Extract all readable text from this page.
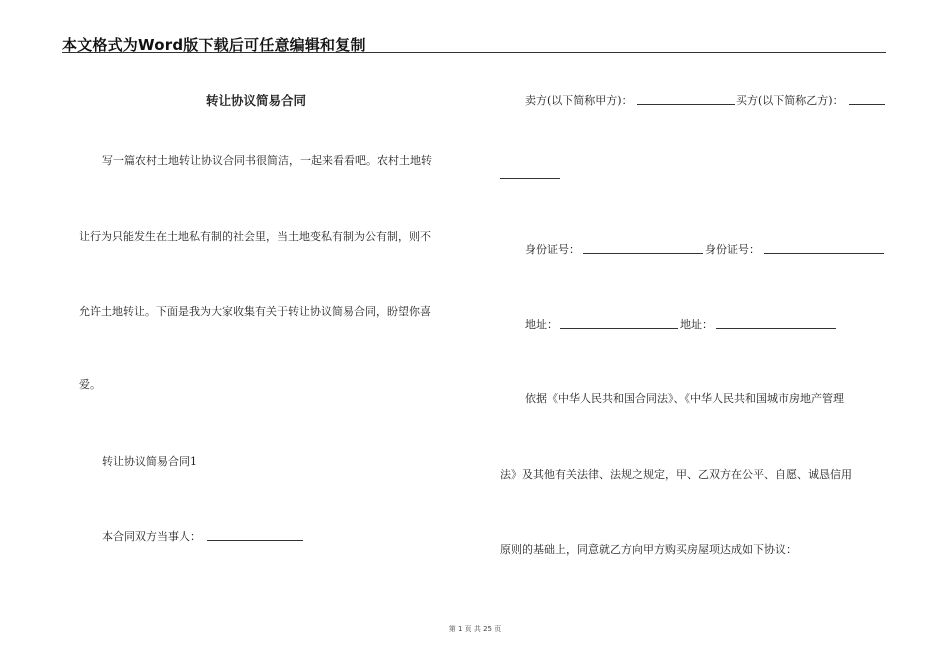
本文格式为Word版下载后可任意编辑和复制
转让协议简易合同
写一篇农村土地转让协议合同书很简洁，一起来看看吧。农村土地转
让行为只能发生在土地私有制的社会里，当土地变私有制为公有制，则不
允许土地转让。下面是我为大家收集有关于转让协议简易合同，盼望你喜
爱。
转让协议简易合同1
本合同双方当事人：
卖方(以下简称甲方)：	买方(以下简称乙方)：
身份证号：	身份证号：
地址：	地址：
依据《中华人民共和国合同法》、《中华人民共和国城市房地产管理
法》及其他有关法律、法规之规定，甲、乙双方在公平、自愿、诚恳信用
原则的基础上，同意就乙方向甲方购买房屋项达成如下协议：
第 1 页 共 25 页
